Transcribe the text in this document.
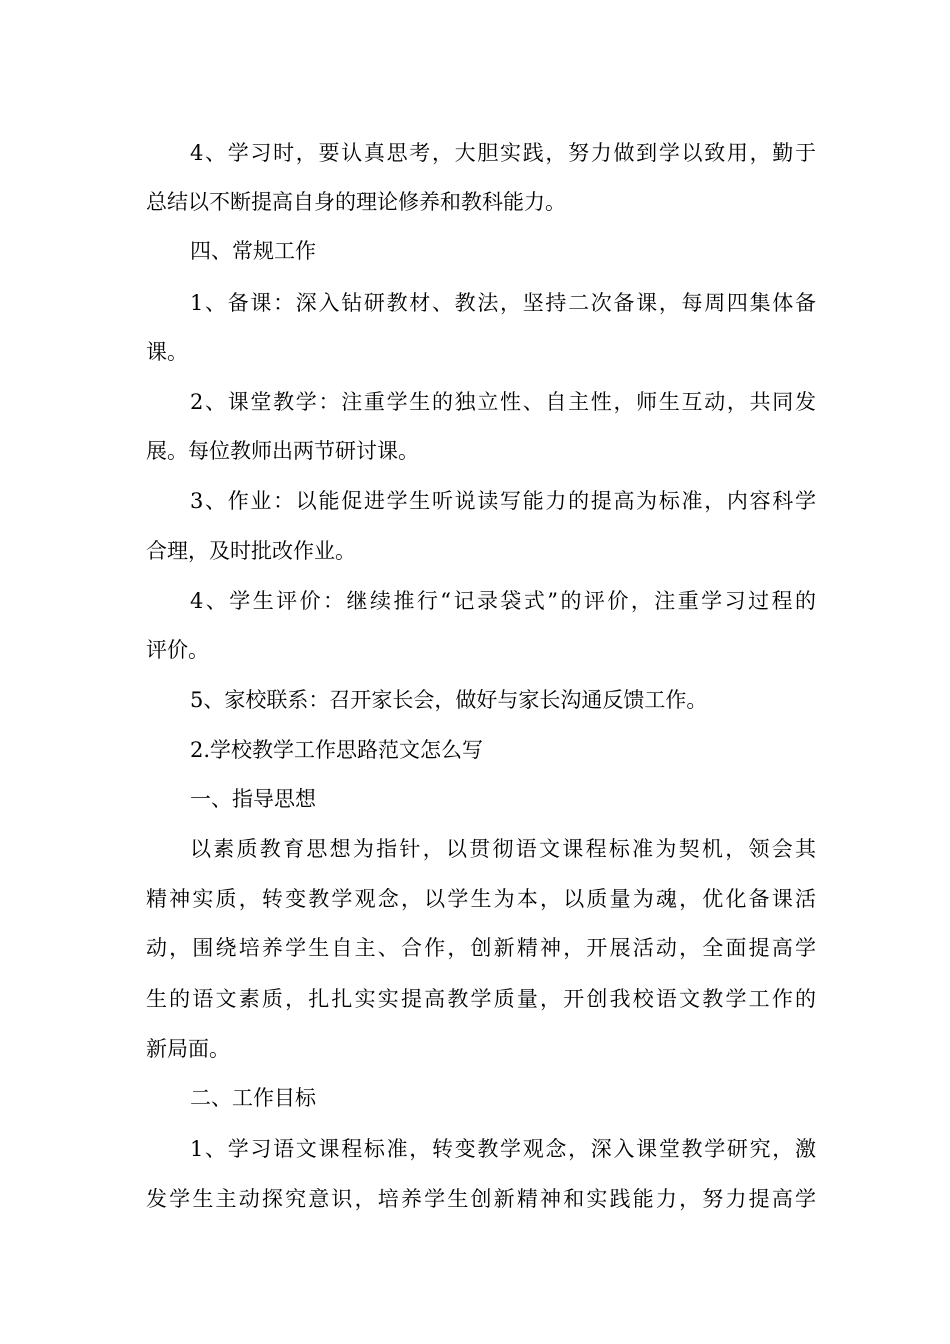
4、学习时，要认真思考，大胆实践，努力做到学以致用，勤于
总结以不断提高自身的理论修养和教科能力。
四、常规工作
1、备课：深入钻研教材、教法，坚持二次备课，每周四集体备
课。
2、课堂教学：注重学生的独立性、自主性，师生互动，共同发
展。每位教师出两节研讨课。
3、作业：以能促进学生听说读写能力的提高为标准，内容科学
合理，及时批改作业。
4、学生评价：继续推行“记录袋式”的评价，注重学习过程的
评价。
5、家校联系：召开家长会，做好与家长沟通反馈工作。
2.学校教学工作思路范文怎么写
一、指导思想
以素质教育思想为指针，以贯彻语文课程标准为契机，领会其
精神实质，转变教学观念，以学生为本，以质量为魂，优化备课活
动，围绕培养学生自主、合作，创新精神，开展活动，全面提高学
生的语文素质，扎扎实实提高教学质量，开创我校语文教学工作的
新局面。
二、工作目标
1、学习语文课程标准，转变教学观念，深入课堂教学研究，激
发学生主动探究意识，培养学生创新精神和实践能力，努力提高学
